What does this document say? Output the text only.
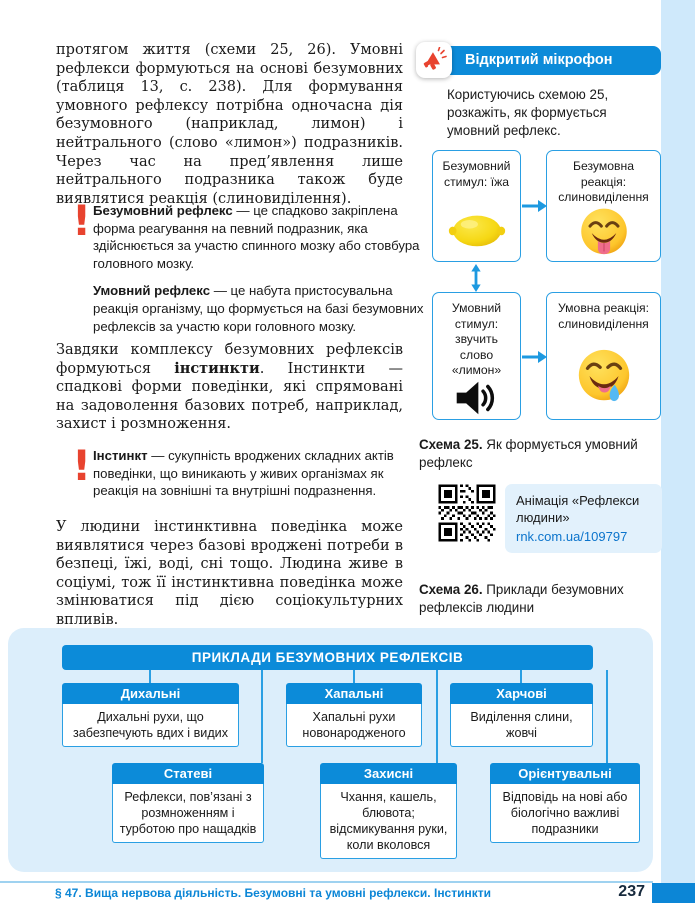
протягом життя (схеми 25, 26). Умовні рефлекси формуються на основі безумовних (таблиця 13, с. 238). Для формування умовного рефлексу потрібна одночасна дія безумовного (наприклад, лимон) і нейтрального (слово «лимон») подразників. Через час на пред’явлення лише нейтрального подразника також буде виявлятися реакція (слиновиділення).
! Безумовний рефлекс — це спадково закріплена форма реагування на певний подразник, яка здійснюється за участю спинного мозку або стовбура головного мозку.

Умовний рефлекс — це набута пристосувальна реакція організму, що формується на базі безумовних рефлексів за участю кори головного мозку.

Завдяки комплексу безумовних рефлексів формуються інстинкти. Інстинкти — спадкові форми поведінки, які спрямовані на задоволення базових потреб, наприклад, захист і розмноження.
! Інстинкт — сукупність вроджених складних актів поведінки, що виникають у живих організмах як реакція на зовнішні та внутрішні подразнення.

У людини інстинктивна поведінка може виявлятися через базові вроджені потреби в безпеці, їжі, воді, сні тощо. Людина живе в соціумі, тож її інстинктивна поведінка може змінюватися під дією соціокультурних впливів.
Відкритий мікрофон
Користуючись схемою 25, розкажіть, як формується умовний рефлекс.
Безумовний стимул: їжа
Безумовна реакція: слиновиділення
Умовний стимул: звучить слово «лимон»
Умовна реакція: слиновиділення
Схема 25. Як формується умовний рефлекс
Анімація «Рефлекси людини»
rnk.com.ua/109797
Схема 26. Приклади безумовних рефлексів людини
ПРИКЛАДИ БЕЗУМОВНИХ РЕФЛЕКСІВ
Дихальні
Дихальні рухи, що забезпечують вдих і видих
Хапальні
Хапальні рухи новонародженого
Харчові
Виділення слини, жовчі
Статеві
Рефлекси, пов’язані з розмноженням і турботою про нащадків
Захисні
Чхання, кашель, блювота; відсмикування руки, коли вколовся
Орієнтувальні
Відповідь на нові або біологічно важливі подразники
§ 47. Вища нервова діяльність. Безумовні та умовні рефлекси. Інстинкти	237
